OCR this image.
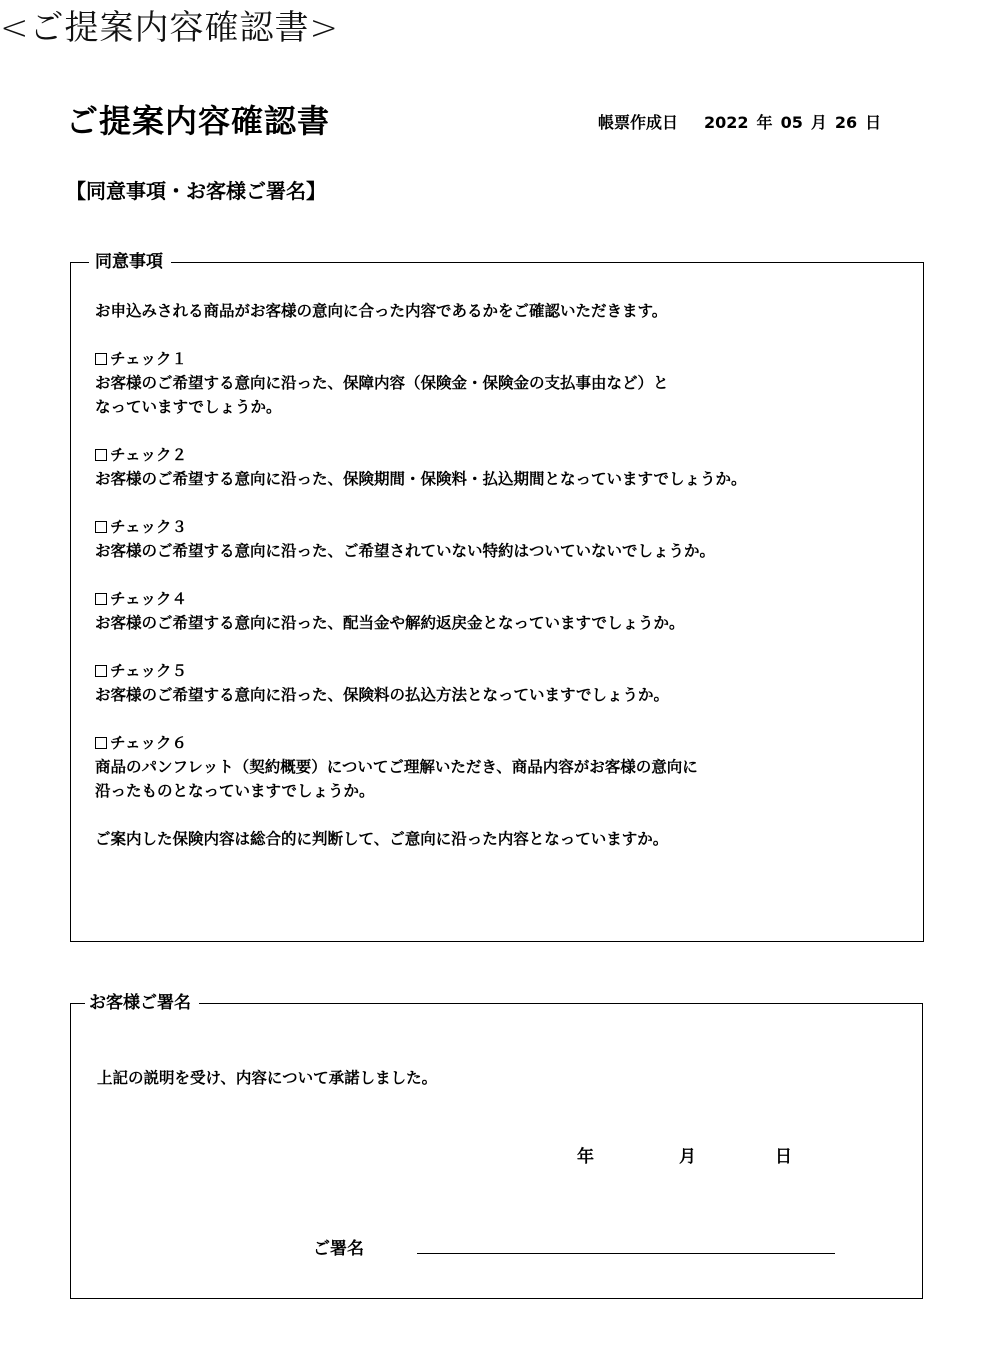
<ご提案内容確認書>
ご提案内容確認書	帳票作成日 2022 年 05 月 26 日
【同意事項・お客様ご署名】
同意事項

お申込みされる商品がお客様の意向に合った内容であるかをご確認いただきます。

チェック１

お客様のご希望する意向に沿った、保障内容（保険金・保険金の支払事由など）と

なっていますでしょうか。

チェック２

お客様のご希望する意向に沿った、保険期間・保険料・払込期間となっていますでしょうか。

チェック３

お客様のご希望する意向に沿った、ご希望されていない特約はついていないでしょうか。

チェック４

お客様のご希望する意向に沿った、配当金や解約返戻金となっていますでしょうか。

チェック５

お客様のご希望する意向に沿った、保険料の払込方法となっていますでしょうか。

チェック６

商品のパンフレット（契約概要）についてご理解いただき、商品内容がお客様の意向に

沿ったものとなっていますでしょうか。

ご案内した保険内容は総合的に判断して、ご意向に沿った内容となっていますか。

お客様ご署名
上記の説明を受け、内容について承諾しました。
年	月	日
ご署名
